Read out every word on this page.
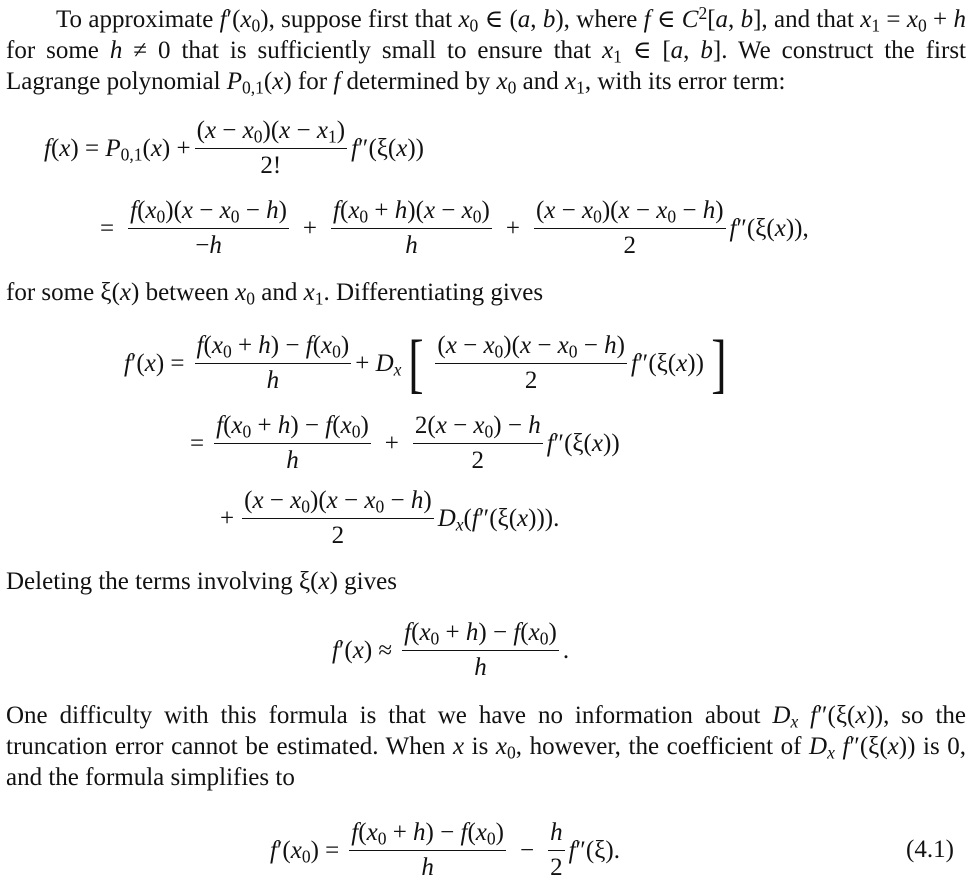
To approximate $f'(x_0)$, suppose first that $x_0$ ∈ (a, b), where f ∈ $C^2[a$, b], and that $x_1 = x_0 + h$ for some h ≠ 0 that is sufficiently small to ensure that $x_1$ ∈ [a, b]. We construct the first Lagrange polynomial $P_{0,1}(x)$ for f determined by $x_0$ and $x_1$, with its error term:

$f(x) = P_{0,1}(x) + \frac{(x - x_0)(x - x_1)}{2!} f''(\xi(x))$
= $\frac{f(x_0)(x - x_0 - h)}{-h} + \frac{f(x_0 + h)(x - x_0)}{h} + \frac{(x - x_0)(x - x_0 - h)}{2} f''(\xi(x))$,

for some ξ(x) between $x_0$ and $x_1$. Differentiating gives

$f'(x) = \frac{f(x_0 + h) - f(x_0)}{h} + D_x$ [ $\frac{(x - x_0)(x - x_0 - h)}{2} f''(\xi(x))$ ]
= $\frac{f(x_0 + h) - f(x_0)}{h} + \frac{2(x - x_0) - h}{2} f''(\xi(x))$
+ $\frac{(x - x_0)(x - x_0 - h)}{2} D_x(f''(\xi(x)))$.

Deleting the terms involving ξ(x) gives

$f'(x) \approx \frac{f(x_0 + h) - f(x_0)}{h}$ .

One difficulty with this formula is that we have no information about $D_x$ f″(ξ(x)), so the truncation error cannot be estimated. When x is $x_0$, however, the coefficient of $D_x$ f″(ξ(x)) is 0, and the formula simplifies to

$f'(x_0) = \frac{f(x_0 + h) - f(x_0)}{h} - \frac{h}{2} f''(\xi)$.	(4.1)
